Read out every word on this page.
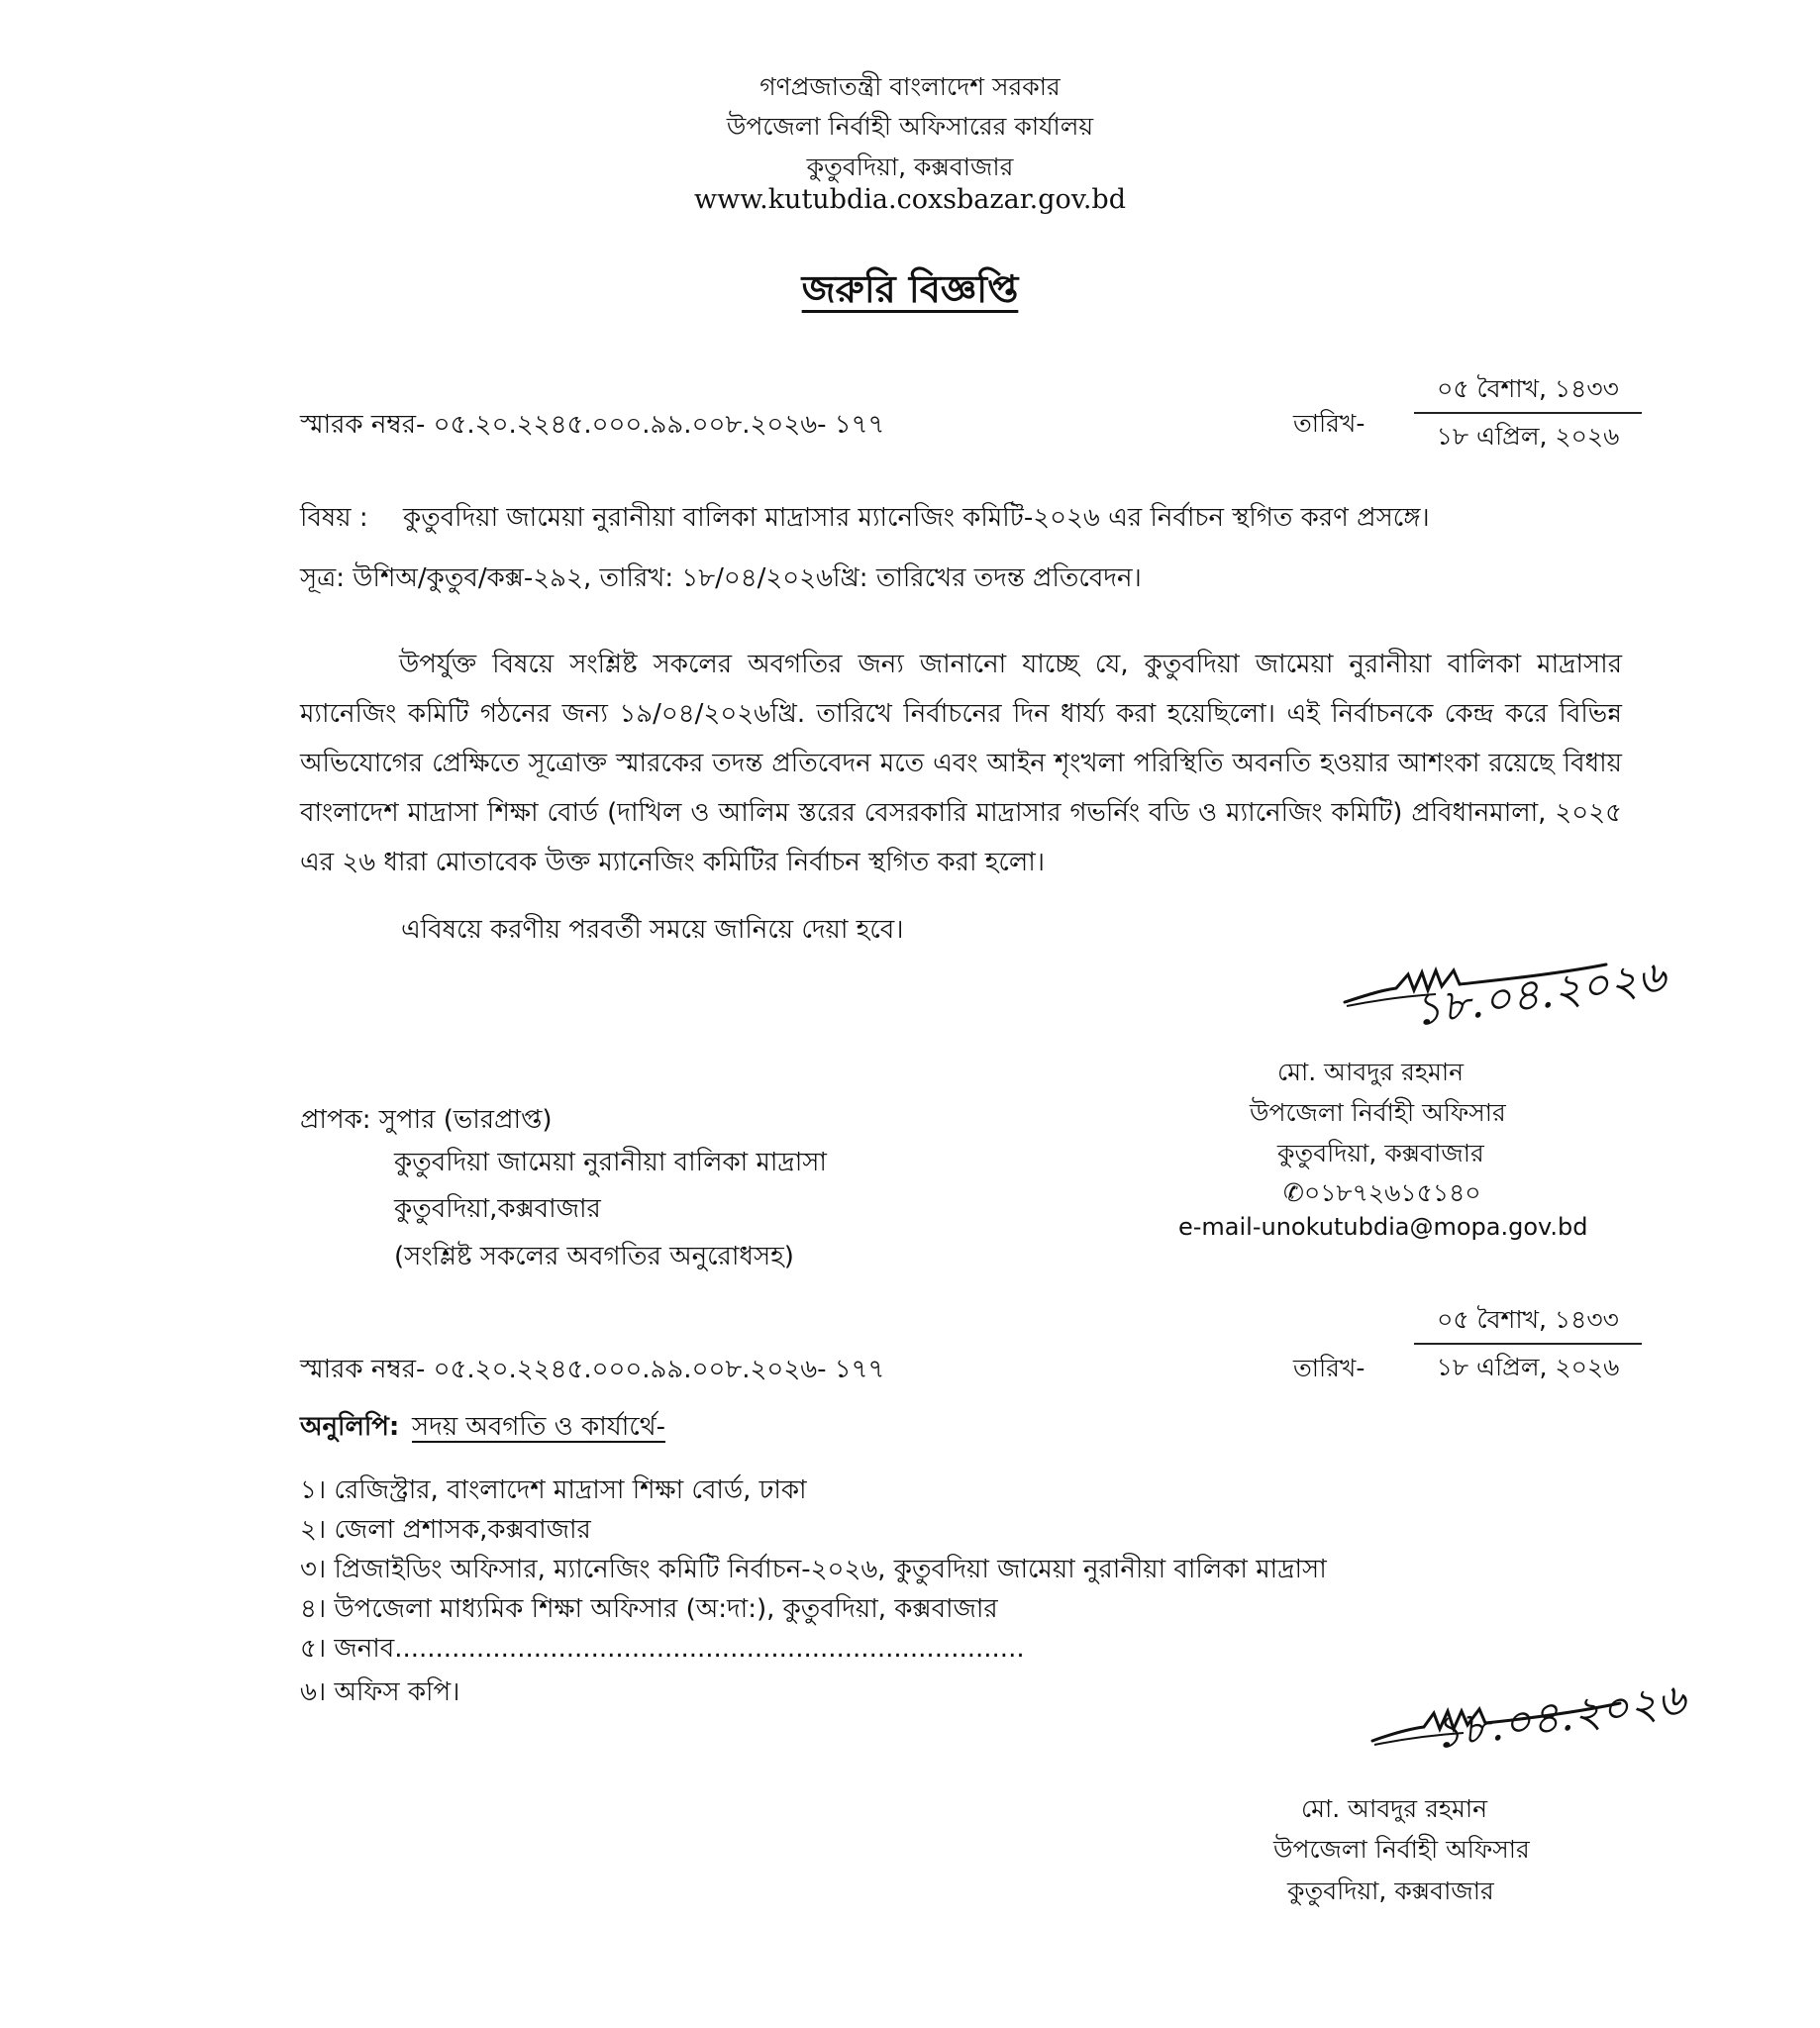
গণপ্রজাতন্ত্রী বাংলাদেশ সরকার
উপজেলা নির্বাহী অফিসারের কার্যালয়
কুতুবদিয়া, কক্সবাজার
www.kutubdia.coxsbazar.gov.bd
জরুরি বিজ্ঞপ্তি
স্মারক নম্বর- ০৫.২০.২২৪৫.০০০.৯৯.০০৮.২০২৬- ১৭৭	তারিখ-
০৫ বৈশাখ, ১৪৩৩
১৮ এপ্রিল, ২০২৬
বিষয় : কুতুবদিয়া জামেয়া নুরানীয়া বালিকা মাদ্রাসার ম্যানেজিং কমিটি-২০২৬ এর নির্বাচন স্থগিত করণ প্রসঙ্গে।
সূত্র: উশিঅ/কুতুব/কক্স-২৯২, তারিখ: ১৮/০৪/২০২৬খ্রি: তারিখের তদন্ত প্রতিবেদন।
উপর্যুক্ত বিষয়ে সংশ্লিষ্ট সকলের অবগতির জন্য জানানো যাচ্ছে যে, কুতুবদিয়া জামেয়া নুরানীয়া বালিকা মাদ্রাসার ম্যানেজিং কমিটি গঠনের জন্য ১৯/০৪/২০২৬খ্রি. তারিখে নির্বাচনের দিন ধার্য্য করা হয়েছিলো। এই নির্বাচনকে কেন্দ্র করে বিভিন্ন অভিযোগের প্রেক্ষিতে সূত্রোক্ত স্মারকের তদন্ত প্রতিবেদন মতে এবং আইন শৃংখলা পরিস্থিতি অবনতি হওয়ার আশংকা রয়েছে বিধায় বাংলাদেশ মাদ্রাসা শিক্ষা বোর্ড (দাখিল ও আলিম স্তরের বেসরকারি মাদ্রাসার গভর্নিং বডি ও ম্যানেজিং কমিটি) প্রবিধানমালা, ২০২৫ এর ২৬ ধারা মোতাবেক উক্ত ম্যানেজিং কমিটির নির্বাচন স্থগিত করা হলো।
এবিষয়ে করণীয় পরবর্তী সময়ে জানিয়ে দেয়া হবে।
১৮.০৪.২০২৬
মো. আবদুর রহমান
উপজেলা নির্বাহী অফিসার
কুতুবদিয়া, কক্সবাজার
✆০১৮৭২৬১৫১৪০
e-mail-unokutubdia@mopa.gov.bd
প্রাপক: সুপার (ভারপ্রাপ্ত)
কুতুবদিয়া জামেয়া নুরানীয়া বালিকা মাদ্রাসা
কুতুবদিয়া,কক্সবাজার
(সংশ্লিষ্ট সকলের অবগতির অনুরোধসহ)
স্মারক নম্বর- ০৫.২০.২২৪৫.০০০.৯৯.০০৮.২০২৬- ১৭৭	তারিখ-
০৫ বৈশাখ, ১৪৩৩
১৮ এপ্রিল, ২০২৬
অনুলিপি: সদয় অবগতি ও কার্যার্থে-
১। রেজিস্ট্রার, বাংলাদেশ মাদ্রাসা শিক্ষা বোর্ড, ঢাকা
২। জেলা প্রশাসক,কক্সবাজার
৩। প্রিজাইডিং অফিসার, ম্যানেজিং কমিটি নির্বাচন-২০২৬, কুতুবদিয়া জামেয়া নুরানীয়া বালিকা মাদ্রাসা
৪। উপজেলা মাধ্যমিক শিক্ষা অফিসার (অ:দা:), কুতুবদিয়া, কক্সবাজার
৫। জনাব.............................................................................
৬। অফিস কপি।	১৮.০৪.২০২৬
মো. আবদুর রহমান
উপজেলা নির্বাহী অফিসার
কুতুবদিয়া, কক্সবাজার
